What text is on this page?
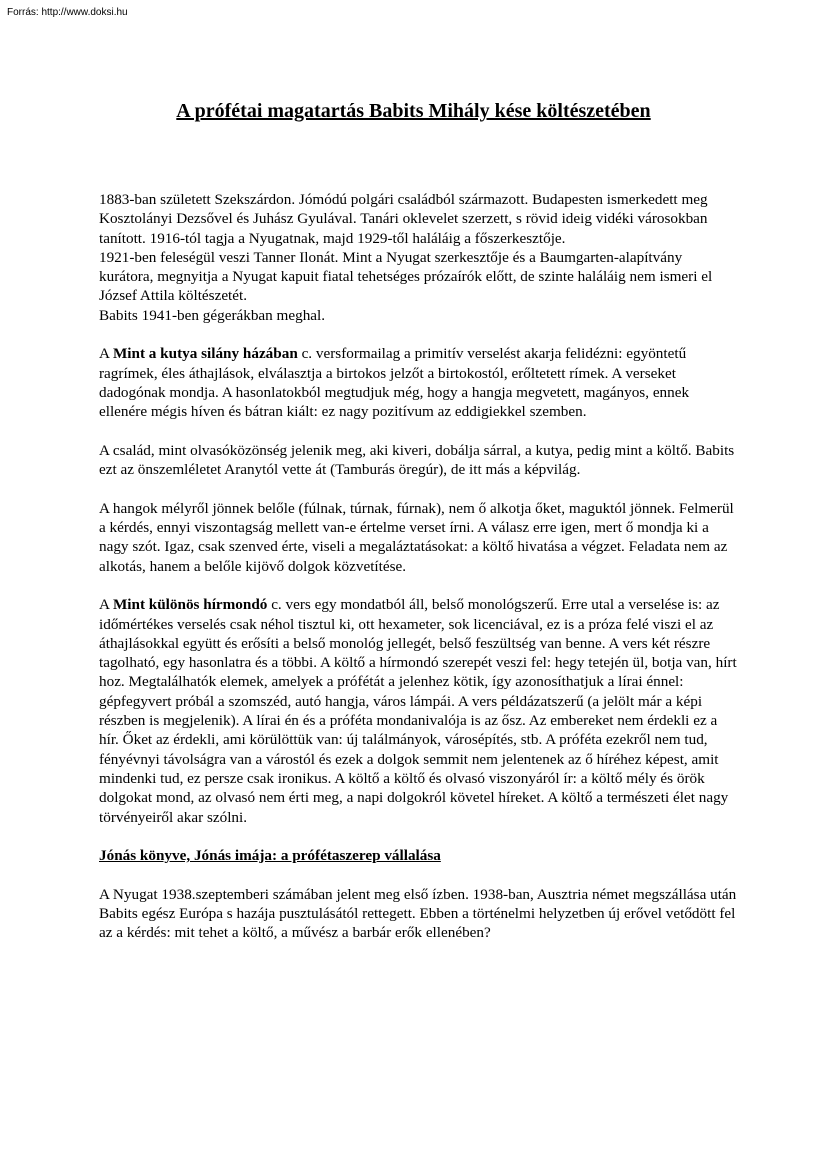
Forrás: http://www.doksi.hu
A prófétai magatartás Babits Mihály kése költészetében

1883-ban született Szekszárdon. Jómódú polgári családból származott. Budapesten ismerkedett meg Kosztolányi Dezsővel és Juhász Gyulával. Tanári oklevelet szerzett, s rövid ideig vidéki városokban tanított. 1916-tól tagja a Nyugatnak, majd 1929-től haláláig a főszerkesztője.

1921-ben feleségül veszi Tanner Ilonát. Mint a Nyugat szerkesztője és a Baumgarten-alapítvány kurátora, megnyitja a Nyugat kapuit fiatal tehetséges prózaírók előtt, de szinte haláláig nem ismeri el József Attila költészetét.

Babits 1941-ben gégerákban meghal.

A Mint a kutya silány házában c. versformailag a primitív verselést akarja felidézni: egyöntetű ragrímek, éles áthajlások, elválasztja a birtokos jelzőt a birtokostól, erőltetett rímek. A verseket dadogónak mondja. A hasonlatokból megtudjuk még, hogy a hangja megvetett, magányos, ennek ellenére mégis híven és bátran kiált: ez nagy pozitívum az eddigiekkel szemben.

A család, mint olvasóközönség jelenik meg, aki kiveri, dobálja sárral, a kutya, pedig mint a költő. Babits ezt az önszemléletet Aranytól vette át (Tamburás öregúr), de itt más a képvilág.

A hangok mélyről jönnek belőle (fúlnak, túrnak, fúrnak), nem ő alkotja őket, maguktól jönnek. Felmerül a kérdés, ennyi viszontagság mellett van-e értelme verset írni. A válasz erre igen, mert ő mondja ki a nagy szót. Igaz, csak szenved érte, viseli a megaláztatásokat: a költő hivatása a végzet. Feladata nem az alkotás, hanem a belőle kijövő dolgok közvetítése.

A Mint különös hírmondó c. vers egy mondatból áll, belső monológszerű. Erre utal a verselése is: az időmértékes verselés csak néhol tisztul ki, ott hexameter, sok licenciával, ez is a próza felé viszi el az áthajlásokkal együtt és erősíti a belső monológ jellegét, belső feszültség van benne. A vers két részre tagolható, egy hasonlatra és a többi. A költő a hírmondó szerepét veszi fel: hegy tetején ül, botja van, hírt hoz. Megtalálhatók elemek, amelyek a prófétát a jelenhez kötik, így azonosíthatjuk a lírai énnel: gépfegyvert próbál a szomszéd, autó hangja, város lámpái. A vers példázatszerű (a jelölt már a képi részben is megjelenik). A lírai én és a próféta mondanivalója is az ősz. Az embereket nem érdekli ez a hír. Őket az érdekli, ami körülöttük van: új találmányok, városépítés, stb. A próféta ezekről nem tud, fényévnyi távolságra van a várostól és ezek a dolgok semmit nem jelentenek az ő híréhez képest, amit mindenki tud, ez persze csak ironikus. A költő a költő és olvasó viszonyáról ír: a költő mély és örök dolgokat mond, az olvasó nem érti meg, a napi dolgokról követel híreket. A költő a természeti élet nagy törvényeiről akar szólni.

Jónás könyve, Jónás imája: a prófétaszerep vállalása

A Nyugat 1938.szeptemberi számában jelent meg első ízben. 1938-ban, Ausztria német megszállása után Babits egész Európa s hazája pusztulásától rettegett. Ebben a történelmi helyzetben új erővel vetődött fel az a kérdés: mit tehet a költő, a művész a barbár erők ellenében?
